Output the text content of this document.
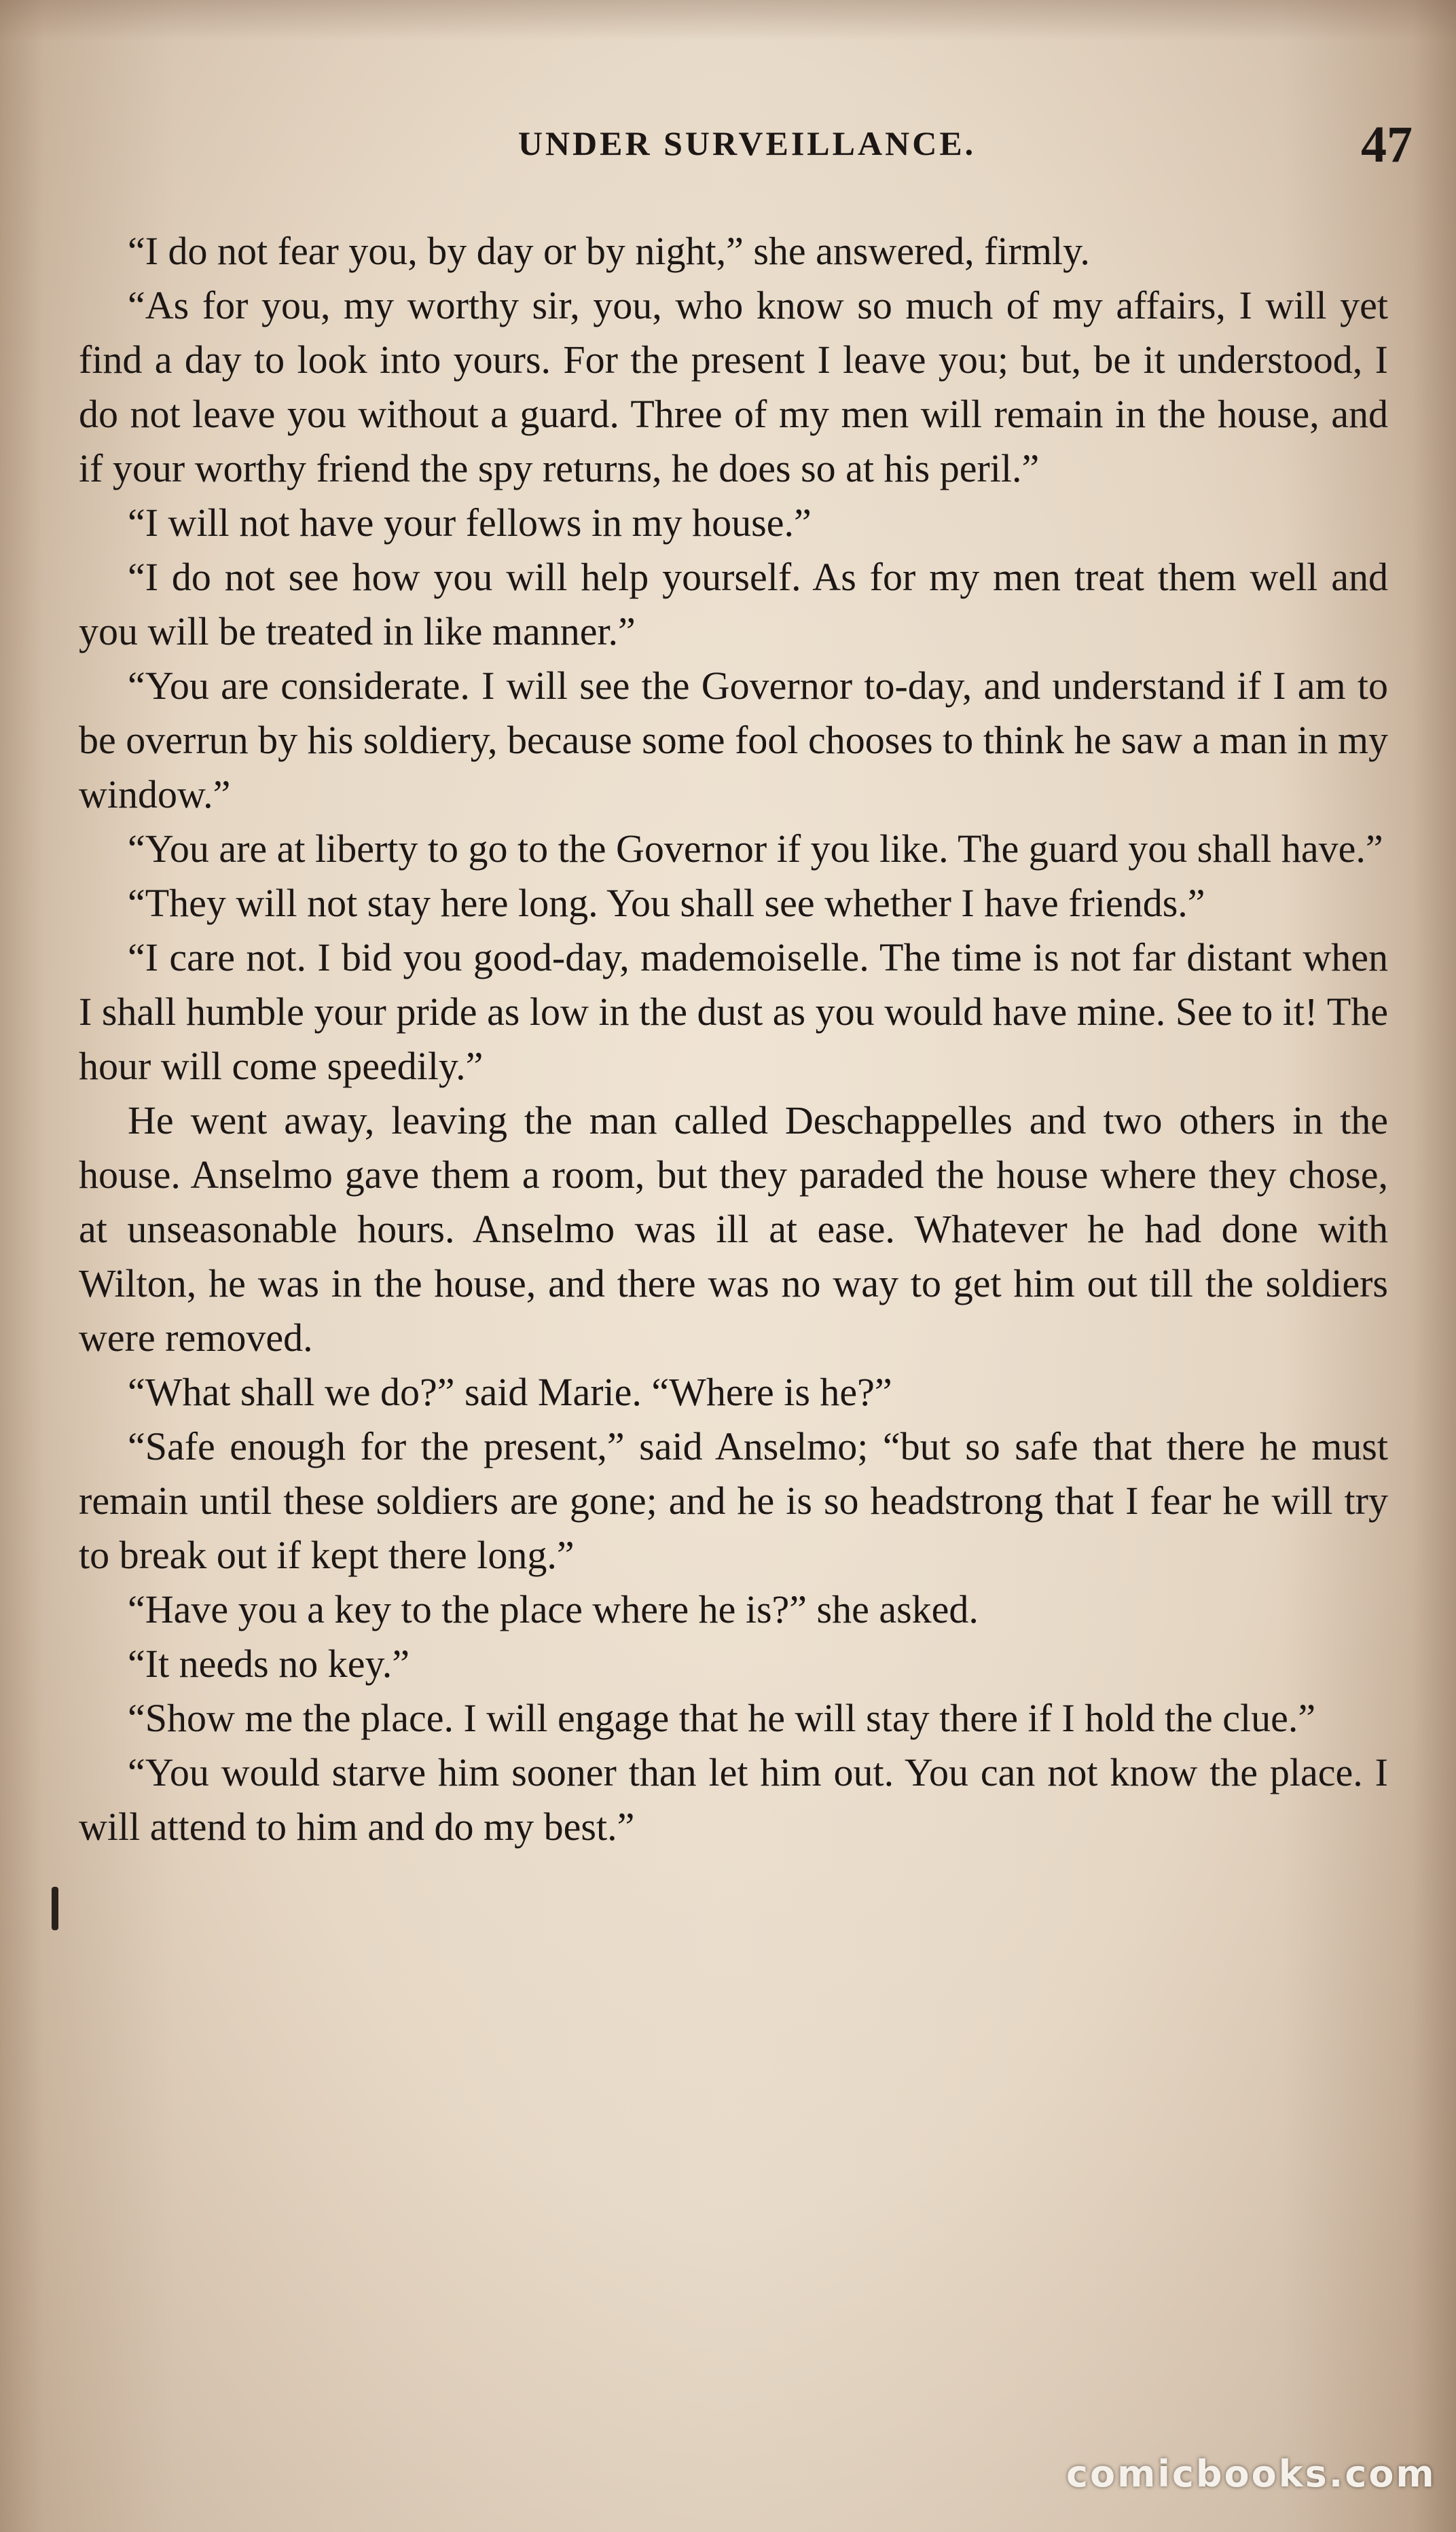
UNDER SURVEILLANCE.	47

“I do not fear you, by day or by night,” she answered, firmly.

“As for you, my worthy sir, you, who know so much of my affairs, I will yet find a day to look into yours. For the present I leave you; but, be it understood, I do not leave you without a guard. Three of my men will remain in the house, and if your worthy friend the spy returns, he does so at his peril.”

“I will not have your fellows in my house.”

“I do not see how you will help yourself. As for my men treat them well and you will be treated in like manner.”

“You are considerate. I will see the Governor to-day, and understand if I am to be overrun by his soldiery, because some fool chooses to think he saw a man in my window.”

“You are at liberty to go to the Governor if you like. The guard you shall have.”

“They will not stay here long. You shall see whether I have friends.”

“I care not. I bid you good-day, mademoiselle. The time is not far distant when I shall humble your pride as low in the dust as you would have mine. See to it! The hour will come speedily.”

He went away, leaving the man called Deschappelles and two others in the house. Anselmo gave them a room, but they paraded the house where they chose, at unseasonable hours. Anselmo was ill at ease. Whatever he had done with Wilton, he was in the house, and there was no way to get him out till the soldiers were removed.

“What shall we do?” said Marie. “Where is he?”

“Safe enough for the present,” said Anselmo; “but so safe that there he must remain until these soldiers are gone; and he is so headstrong that I fear he will try to break out if kept there long.”

“Have you a key to the place where he is?” she asked.

“It needs no key.”

“Show me the place. I will engage that he will stay there if I hold the clue.”

“You would starve him sooner than let him out. You can not know the place. I will attend to him and do my best.”

comicbooks.com
